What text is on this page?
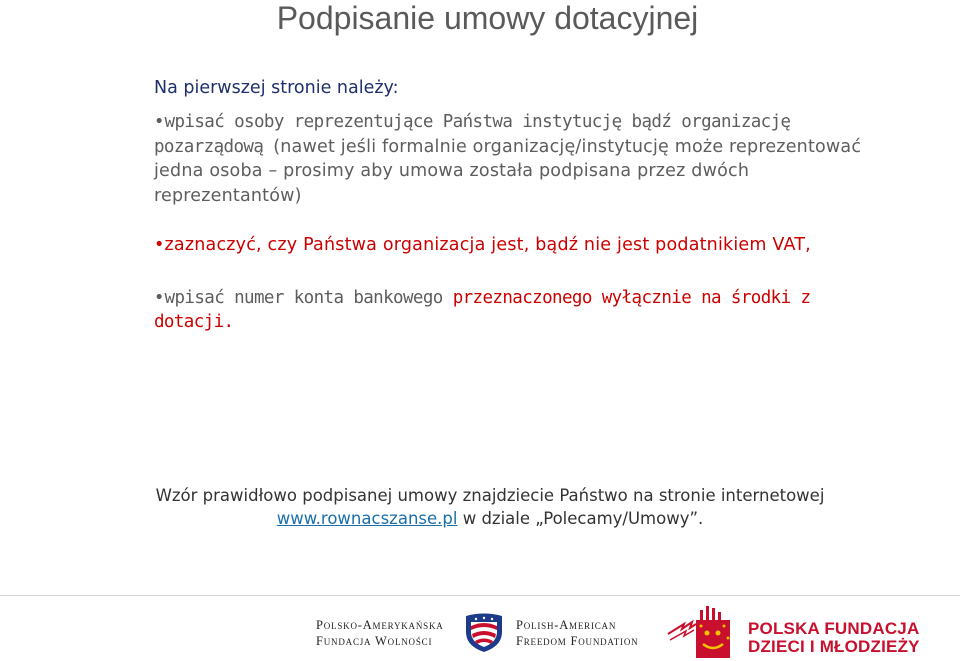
Podpisanie umowy dotacyjnej

Na pierwszej stronie należy:

•wpisać osoby reprezentujące Państwa instytucję bądź organizację pozarządową (nawet jeśli formalnie organizację/instytucję może reprezentować jedna osoba – prosimy aby umowa została podpisana przez dwóch reprezentantów)

•zaznaczyć, czy Państwa organizacja jest, bądź nie jest podatnikiem VAT,

•wpisać numer konta bankowego przeznaczonego wyłącznie na środki z dotacji.

Wzór prawidłowo podpisanej umowy znajdziecie Państwo na stronie internetowej www.rownacszanse.pl w dziale „Polecamy/Umowy”.
Polsko-Amerykańska
Fundacja Wolności
Polish-American
Freedom Foundation
POLSKA FUNDACJA
DZIECI I MŁODZIEŻY
